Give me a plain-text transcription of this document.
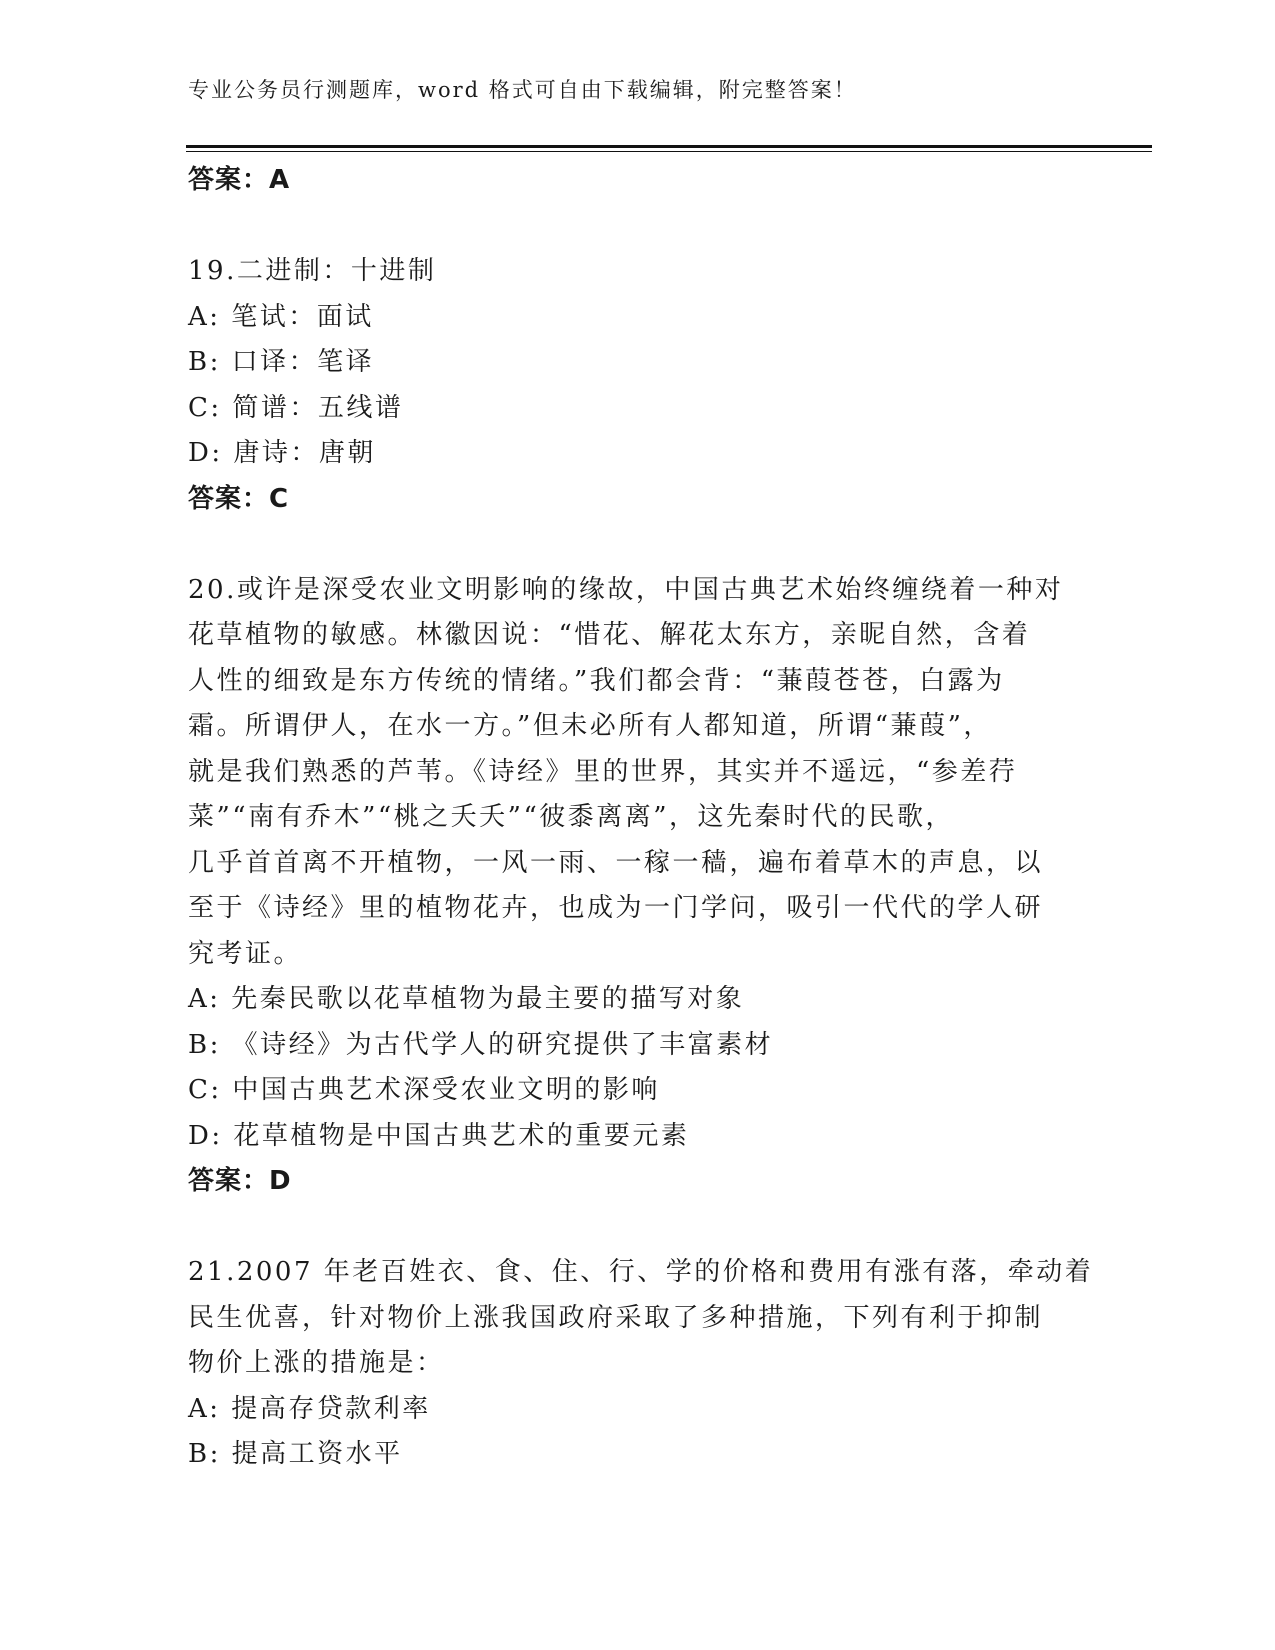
专业公务员行测题库，word 格式可自由下载编辑，附完整答案！
答案：A
19.二进制：十进制
A: 笔试：面试
B: 口译：笔译
C: 简谱：五线谱
D: 唐诗：唐朝
答案：C
20.或许是深受农业文明影响的缘故，中国古典艺术始终缠绕着一种对
花草植物的敏感。林徽因说：“惜花、解花太东方，亲昵自然，含着
人性的细致是东方传统的情绪。”我们都会背：“蒹葭苍苍，白露为
霜。所谓伊人，在水一方。”但未必所有人都知道，所谓“蒹葭”，
就是我们熟悉的芦苇。《诗经》里的世界，其实并不遥远，“参差荇
菜”“南有乔木”“桃之夭夭”“彼黍离离”，这先秦时代的民歌，
几乎首首离不开植物，一风一雨、一稼一穑，遍布着草木的声息，以
至于《诗经》里的植物花卉，也成为一门学问，吸引一代代的学人研
究考证。
A: 先秦民歌以花草植物为最主要的描写对象
B: 《诗经》为古代学人的研究提供了丰富素材
C: 中国古典艺术深受农业文明的影响
D: 花草植物是中国古典艺术的重要元素
答案：D
21.2007 年老百姓衣、食、住、行、学的价格和费用有涨有落，牵动着
民生优喜，针对物价上涨我国政府采取了多种措施，下列有利于抑制
物价上涨的措施是：
A: 提高存贷款利率
B: 提高工资水平
